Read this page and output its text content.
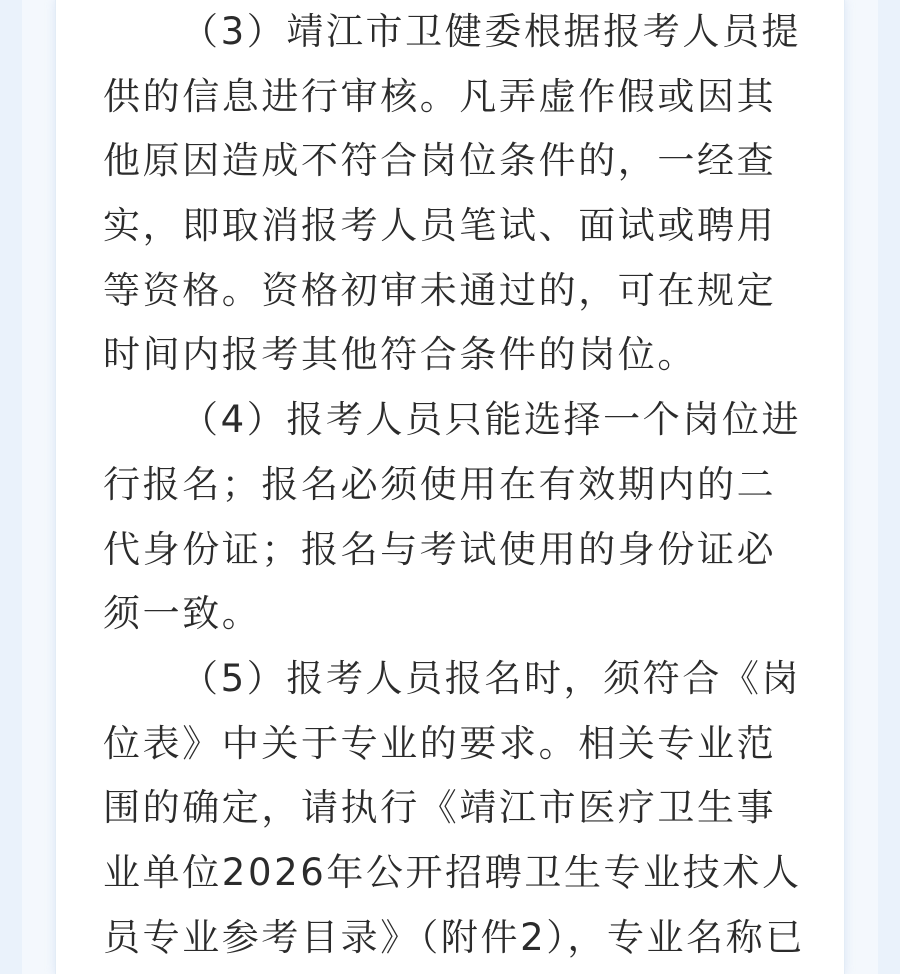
（3）靖江市卫健委根据报考人员提
供的信息进行审核。凡弄虚作假或因其
他原因造成不符合岗位条件的，一经查
实，即取消报考人员笔试、面试或聘用
等资格。资格初审未通过的，可在规定
时间内报考其他符合条件的岗位。
（4）报考人员只能选择一个岗位进
行报名；报名必须使用在有效期内的二
代身份证；报名与考试使用的身份证必
须一致。
（5）报考人员报名时，须符合《岗
位表》中关于专业的要求。相关专业范
围的确定，请执行《靖江市医疗卫生事
业单位2026年公开招聘卫生专业技术人
员专业参考目录》（附件2），专业名称已
